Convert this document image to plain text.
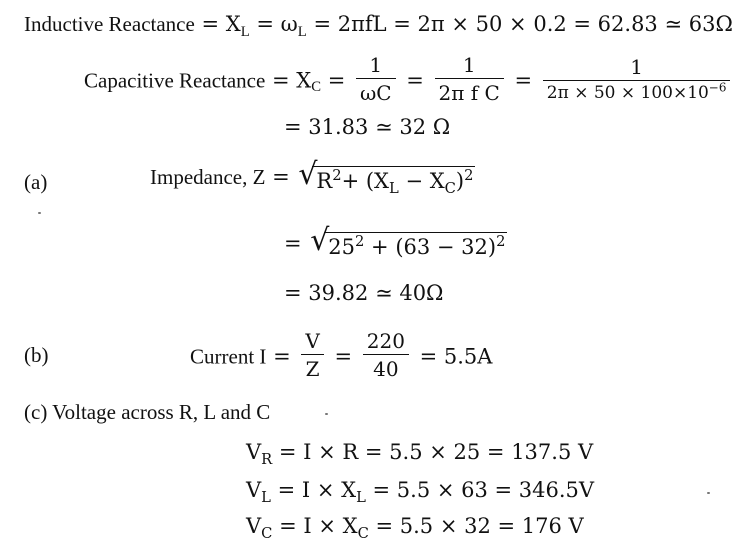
Inductive Reactance = $X_L = \omega_L = 2\pi fL = 2\pi \times 50 \times 0.2 = 62.83$ ≃ 63Ω
Capacitive Reactance = $X_C = \frac{1}{\omega C} = \frac{1}{\text{2π f C}} = \frac{1}{2\pi \times 50 \times 100\times 10^{-6}}$
= 31.83 ≃ 32 Ω
(a)	Impedance, Z = √
$R^2+ (X_L - X_C)^2$
= √
$25^2 + (63 - 32)^2$
= 39.82 ≃ 40Ω
(b)	Current $I = \frac{V}{Z} = \frac{220}{40} = 5.5A$
(c) Voltage across R, L and C
$V_R = I \times R = 5.5 \times 25 = 137.5$ V
$V_L = I \times X_L = 5.5 \times 63 = 346.5V$
$V_C = I \times X_C = 5.5 \times 32 = 176$ V
